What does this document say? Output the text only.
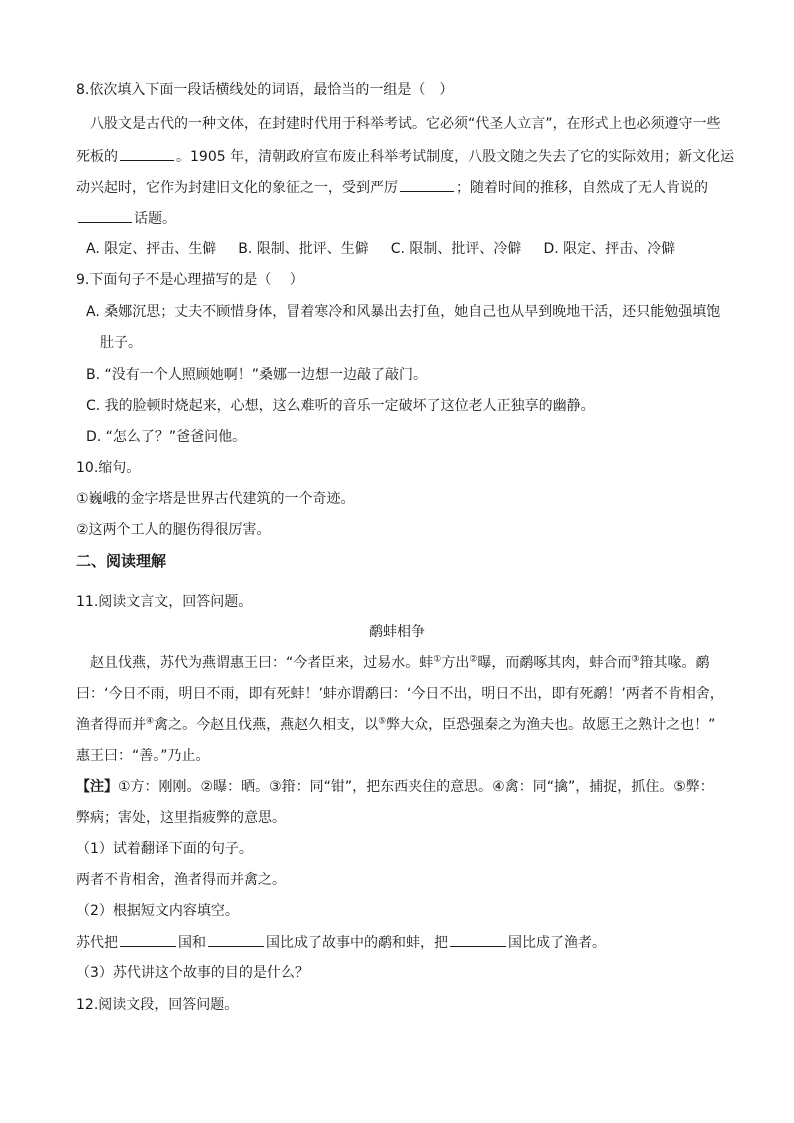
8.依次填入下面一段话横线处的词语，最恰当的一组是（　）
八股文是古代的一种文体，在封建时代用于科举考试。它必须“代圣人立言”，在形式上也必须遵守一些
死板的	。1905 年，清朝政府宣布废止科举考试制度，八股文随之失去了它的实际效用；新文化运
动兴起时，它作为封建旧文化的象征之一，受到严厉	；随着时间的推移，自然成了无人肯说的
话题。
A. 限定、抨击、生僻 B. 限制、批评、生僻 C. 限制、批评、冷僻 D. 限定、抨击、冷僻
9.下面句子不是心理描写的是（　 ）
A. 桑娜沉思；丈夫不顾惜身体，冒着寒冷和风暴出去打鱼，她自己也从早到晚地干活，还只能勉强填饱
肚子。
B. “没有一个人照顾她啊！”桑娜一边想一边敲了敲门。
C. 我的脸顿时烧起来，心想，这么难听的音乐一定破坏了这位老人正独享的幽静。
D. “怎么了？”爸爸问他。
10.缩句。
①巍峨的金字塔是世界古代建筑的一个奇迹。
②这两个工人的腿伤得很厉害。
二、阅读理解
11.阅读文言文，回答问题。
鹬蚌相争
赵且伐燕，苏代为燕谓惠王曰：“今者臣来，过易水。蚌①方出②曝，而鹬啄其肉，蚌合而③箝其喙。鹬
曰：‘今日不雨，明日不雨，即有死蚌！’蚌亦谓鹬曰：‘今日不出，明日不出，即有死鹬！’两者不肯相舍，
渔者得而并④禽之。今赵且伐燕，燕赵久相支，以⑤弊大众，臣恐强秦之为渔夫也。故愿王之熟计之也！”
惠王曰：“善。”乃止。
【注】①方：刚刚。②曝：晒。③箝：同“钳”，把东西夹住的意思。④禽：同“擒”，捕捉，抓住。⑤弊：
弊病；害处，这里指疲弊的意思。
（1）试着翻译下面的句子。
两者不肯相舍，渔者得而并禽之。
（2）根据短文内容填空。
苏代把	国和	国比成了故事中的鹬和蚌，把	国比成了渔者。
（3）苏代讲这个故事的目的是什么？
12.阅读文段，回答问题。
